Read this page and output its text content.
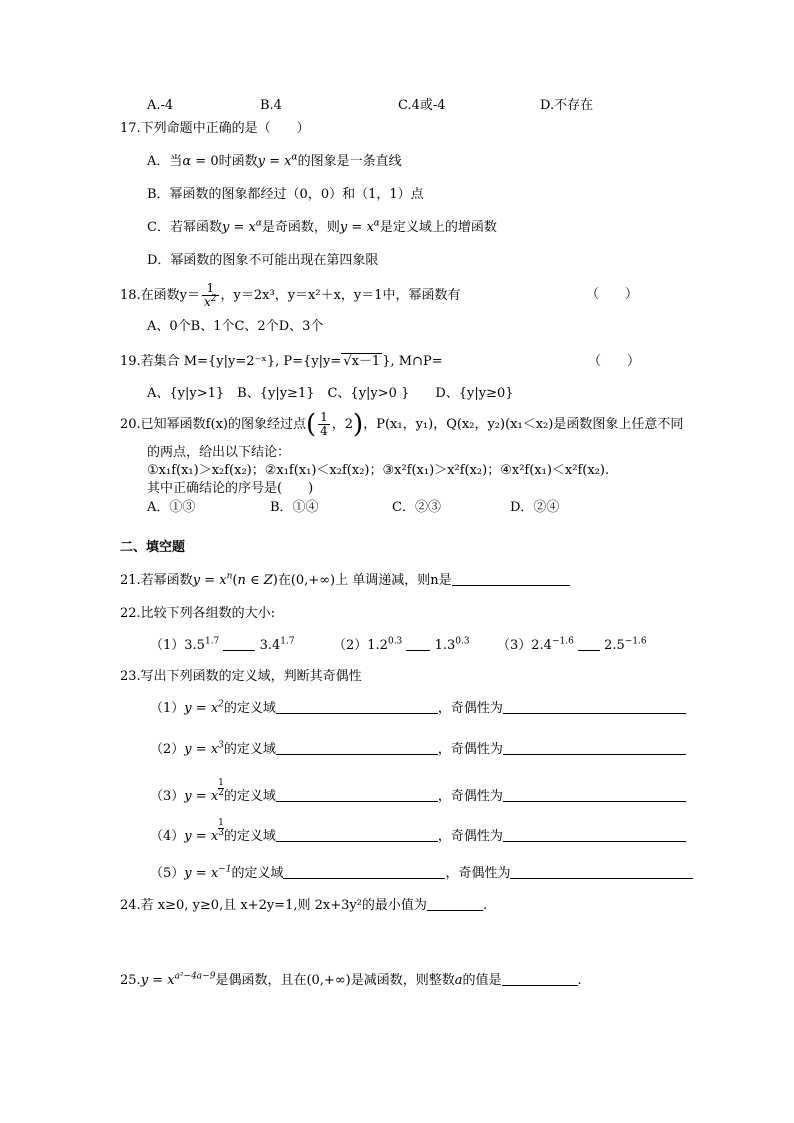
A.-4	B.4	C.4或-4	D.不存在
17.下列命题中正确的是（　　）
A．当α = 0时函数$y = x^\alpha$的图象是一条直线
B．幂函数的图象都经过（0，0）和（1，1）点
C．若幂函数$y = x^\alpha$是奇函数，则$y = x^\alpha$是定义域上的增函数
D．幂函数的图象不可能出现在第四象限
18.在函数$y= \frac{1}{x^2}$ ，y＝2x³，y＝x²＋x，y＝1中，幂函数有	（　　）
A、0个B、1个C、2个D、3个
19.若集合 M={y|y=2⁻ˣ}, P={y|y= √x－1 }, M∩P=	（　　）
A、{y|y>1}　B、{y|y≥1}　C、{y|y>0 }　　D、{y|y≥0}
20.已知幂函数f(x)的图象经过点( $\frac{1}{4}$ ，2)，P(x₁，y₁)，Q(x₂，y₂)(x₁＜x₂)是函数图象上任意不同
的两点，给出以下结论：
①x₁f(x₁)＞x₂f(x₂)；②x₁f(x₁)＜x₂f(x₂)；③x²f(x₁)＞x²f(x₂)；④x²f(x₁)＜x²f(x₂).
其中正确结论的序号是(　　)
A．①③	B．①④	C．②③	D．②④
二、填空题
21.若幂函数$y = x^n(n$ ∈ Z)在(0,+∞)上 单调递减，则n是
22.比较下列各组数的大小:
$(1)3.5^{1.7}$	$3.4^{1.7}$	$(2)1.2^{0.3}$  $1.3^{0.3}$ $(3)2.4^{-1.6}$  $2.5^{-1.6}$
23.写出下列函数的定义域，判断其奇偶性
$(1)y = x^2$的定义域	，奇偶性为
$(2)y = x^3$的定义域	，奇偶性为
（3）y = x $\frac{1}{2}$的定义域	，奇偶性为
（4）y = x $\frac{1}{3}$的定义域	，奇偶性为
$(5)y = x^{-1}$的定义域	，奇偶性为
24.若 x≥0, y≥0,且 x+2y=1,则 2x+3y²的最小值为	.
$25.y = x^{a^2-4a-9}$是偶函数，且在(0,+∞)是减函数，则整数a的值是	.
